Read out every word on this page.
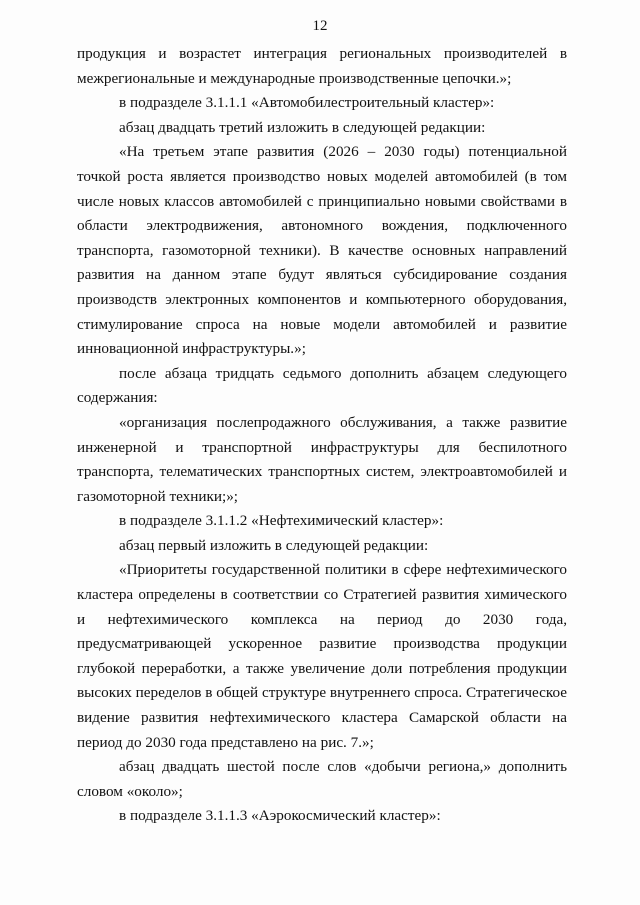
12

продукция и возрастет интеграция региональных производителей в
межрегиональные и международные производственные цепочки.»;
в подразделе 3.1.1.1 «Автомобилестроительный кластер»:
абзац двадцать третий изложить в следующей редакции:
«На третьем этапе развития (2026 – 2030 годы) потенциальной
точкой роста является производство новых моделей автомобилей (в том
числе новых классов автомобилей с принципиально новыми свойствами в
области электродвижения, автономного вождения, подключенного
транспорта, газомоторной техники). В качестве основных направлений
развития на данном этапе будут являться субсидирование создания
производств электронных компонентов и компьютерного оборудования,
стимулирование спроса на новые модели автомобилей и развитие
инновационной инфраструктуры.»;
после абзаца тридцать седьмого дополнить абзацем следующего
содержания:
«организация послепродажного обслуживания, а также развитие
инженерной и транспортной инфраструктуры для беспилотного
транспорта, телематических транспортных систем, электроавтомобилей и
газомоторной техники;»;
в подразделе 3.1.1.2 «Нефтехимический кластер»:
абзац первый изложить в следующей редакции:
«Приоритеты государственной политики в сфере нефтехимического
кластера определены в соответствии со Стратегией развития химического
и нефтехимического комплекса на период до 2030 года,
предусматривающей ускоренное развитие производства продукции
глубокой переработки, а также увеличение доли потребления продукции
высоких переделов в общей структуре внутреннего спроса. Стратегическое
видение развития нефтехимического кластера Самарской области на
период до 2030 года представлено на рис. 7.»;
абзац двадцать шестой после слов «добычи региона,» дополнить
словом «около»;
в подразделе 3.1.1.3 «Аэрокосмический кластер»:
